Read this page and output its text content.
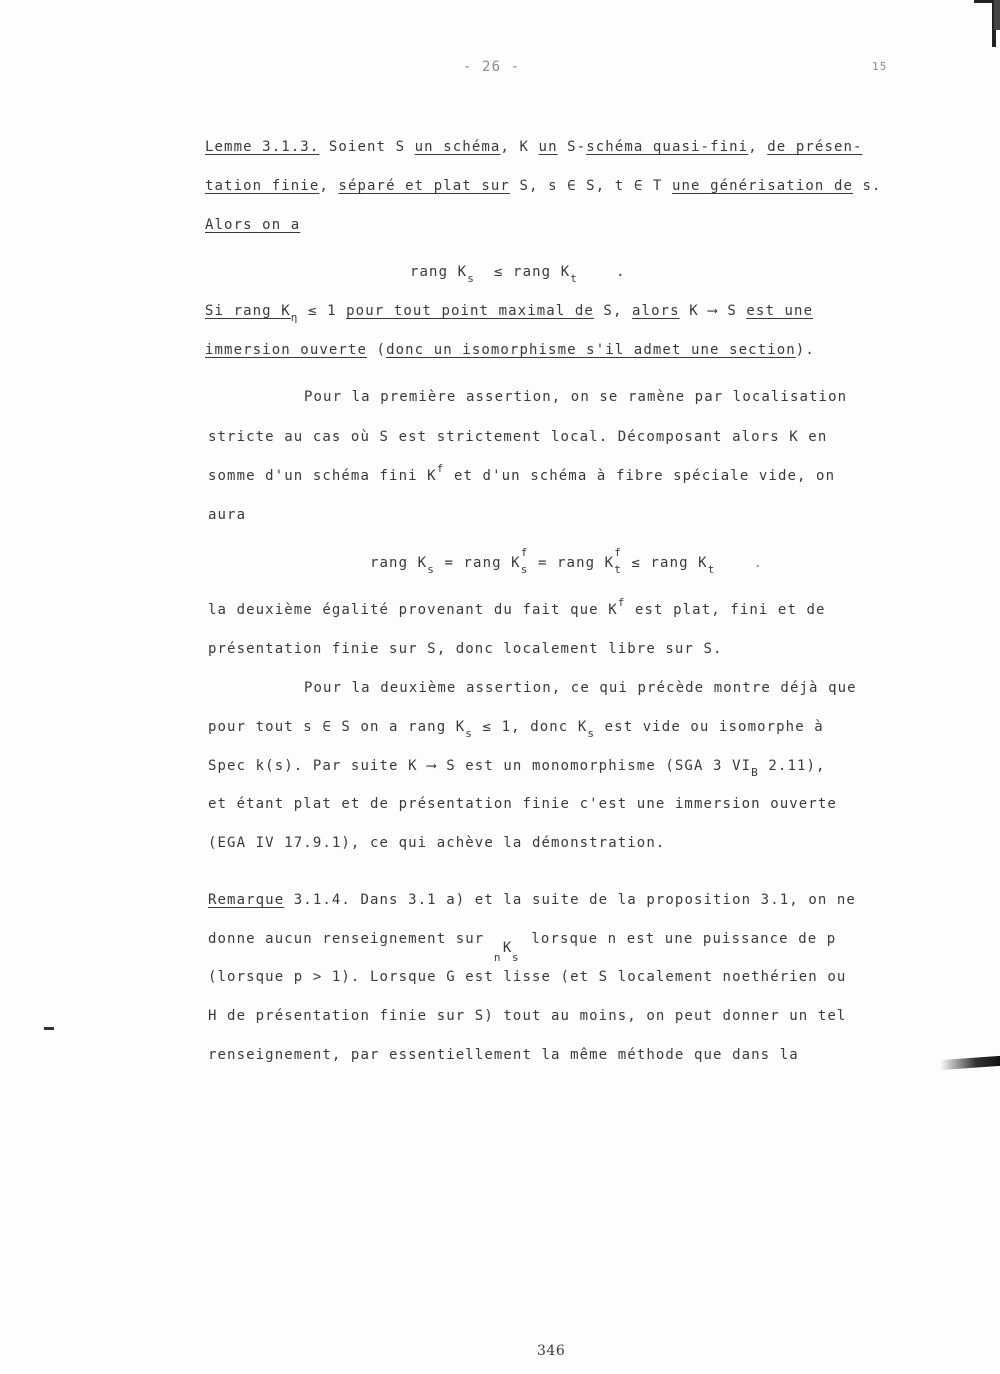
- 26 -	15
Lemme 3.1.3. Soient S un schéma, K un S-schéma quasi-fini, de présen-
tation finie, séparé et plat sur S, s ∈ S, t ∈ T une générisation de s.
Alors on a
rang $K_s$ ≤ rang $K_t$	.
Si rang $K_\eta \le 1$ pour tout point maximal de S, alors K ⟶ S est une
immersion ouverte (donc un isomorphisme s'il admet une section).
Pour la première assertion, on se ramène par localisation
stricte au cas où S est strictement local. Décomposant alors K en
somme d'un schéma fini $K^f$ et d'un schéma à fibre spéciale vide, on
aura
rang $K_s$ = rang K
f
$_s$ = rang K
f
$_t$ ≤ rang $K_t$	.
la deuxième égalité provenant du fait que $K^f$ est plat, fini et de
présentation finie sur S, donc localement libre sur S.
Pour la deuxième assertion, ce qui précède montre déjà que
pour tout s ∈ S on a rang $K_s \le 1$, donc $K_s$ est vide ou isomorphe à
Spec k(s). Par suite K ⟶ S est un monomorphisme (SGA 3 $VI_B$ 2.11),
et étant plat et de présentation finie c'est une immersion ouverte
(EGA IV 17.9.1), ce qui achève la démonstration.
Remarque 3.1.4. Dans 3.1 a) et la suite de la proposition 3.1, on ne
donne aucun renseignement sur
n
K
s
lorsque n est une puissance de p
(lorsque p > 1). Lorsque G est lisse (et S localement noethérien ou
H de présentation finie sur S) tout au moins, on peut donner un tel
renseignement, par essentiellement la même méthode que dans la
346
